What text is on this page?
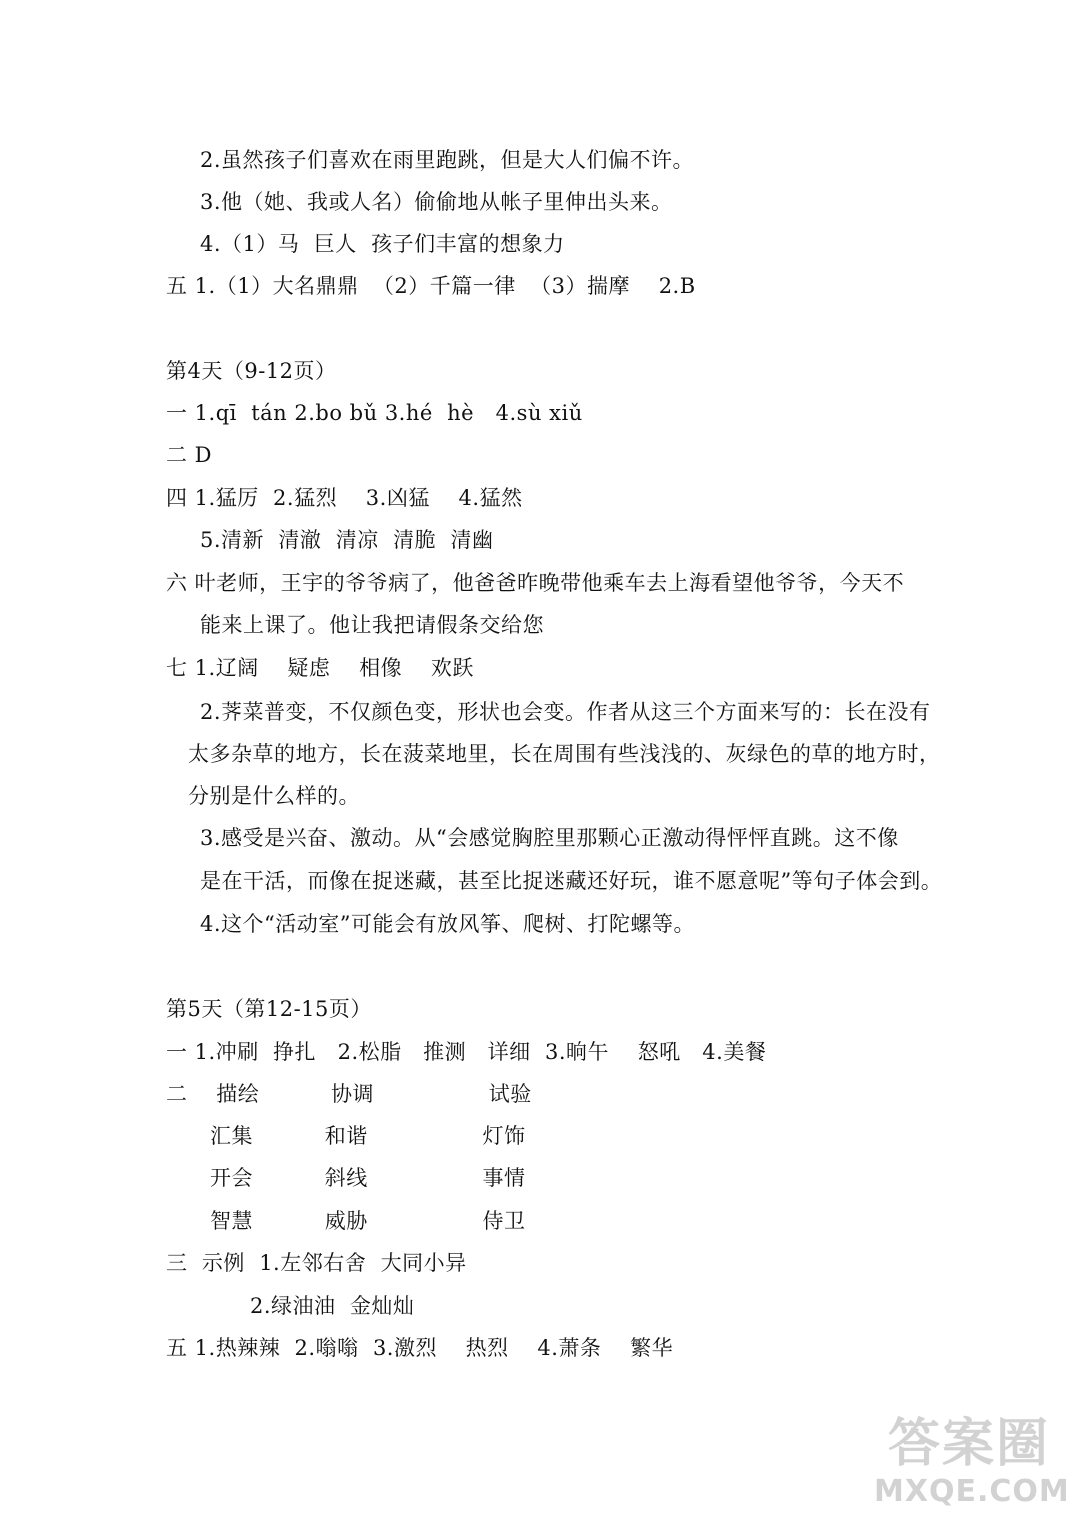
2.虽然孩子们喜欢在雨里跑跳，但是大人们偏不许。
3.他（她、我或人名）偷偷地从帐子里伸出头来。
4.（1）马  巨人  孩子们丰富的想象力
五 1.（1）大名鼎鼎  （2）千篇一律  （3）揣摩    2.B
第4天（9-12页）
一 1.qī  tán 2.bo bǔ 3.hé  hè   4.sù xiǔ
二 D
四 1.猛厉  2.猛烈    3.凶猛    4.猛然
5.清新  清澈  清凉  清脆  清幽
六 叶老师，王宇的爷爷病了，他爸爸昨晚带他乘车去上海看望他爷爷，今天不
能来上课了。他让我把请假条交给您
七 1.辽阔    疑虑    相像    欢跃
2.荠菜普变，不仅颜色变，形状也会变。作者从这三个方面来写的：长在没有
太多杂草的地方，长在菠菜地里，长在周围有些浅浅的、灰绿色的草的地方时，
分别是什么样的。
3.感受是兴奋、激动。从“会感觉胸腔里那颗心正激动得怦怦直跳。这不像
是在干活，而像在捉迷藏，甚至比捉迷藏还好玩，谁不愿意呢”等句子体会到。
4.这个“活动室”可能会有放风筝、爬树、打陀螺等。
第5天（第12-15页）
一 1.冲刷  挣扎   2.松脂   推测   详细  3.晌午    怒吼   4.美餐
二    描绘          协调                试验
汇集          和谐                灯饰
开会          斜线                事情
智慧          威胁                侍卫
三  示例  1.左邻右舍  大同小异
2.绿油油  金灿灿
五 1.热辣辣  2.嗡嗡  3.激烈    热烈    4.萧条    繁华
答案圈
MXQE.COM
